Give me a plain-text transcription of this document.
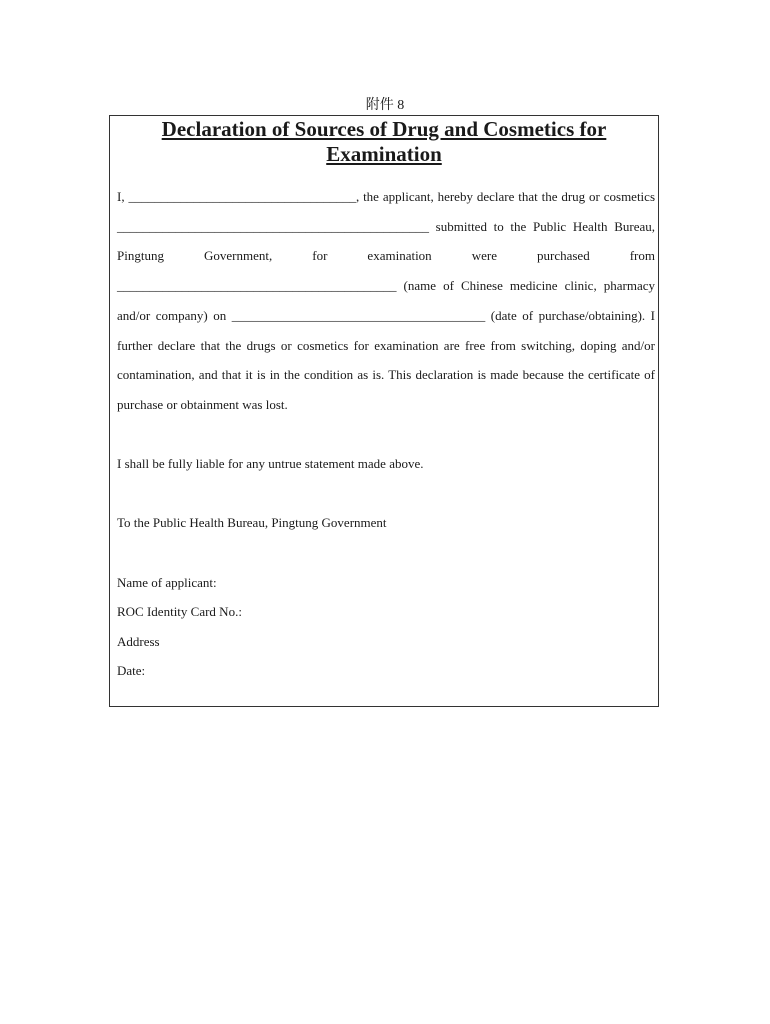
附件 8
Declaration of Sources of Drug and Cosmetics for Examination

I, ___________________________________, the applicant, hereby declare that the drug or cosmetics ________________________________________________ submitted to the Public Health Bureau, Pingtung Government, for examination were purchased from ___________________________________________ (name of Chinese medicine clinic, pharmacy and/or company) on _______________________________________ (date of purchase/obtaining). I further declare that the drugs or cosmetics for examination are free from switching, doping and/or contamination, and that it is in the condition as is. This declaration is made because the certificate of purchase or obtainment was lost.

I shall be fully liable for any untrue statement made above.

To the Public Health Bureau, Pingtung Government

Name of applicant:

ROC Identity Card No.:

Address

Date:
